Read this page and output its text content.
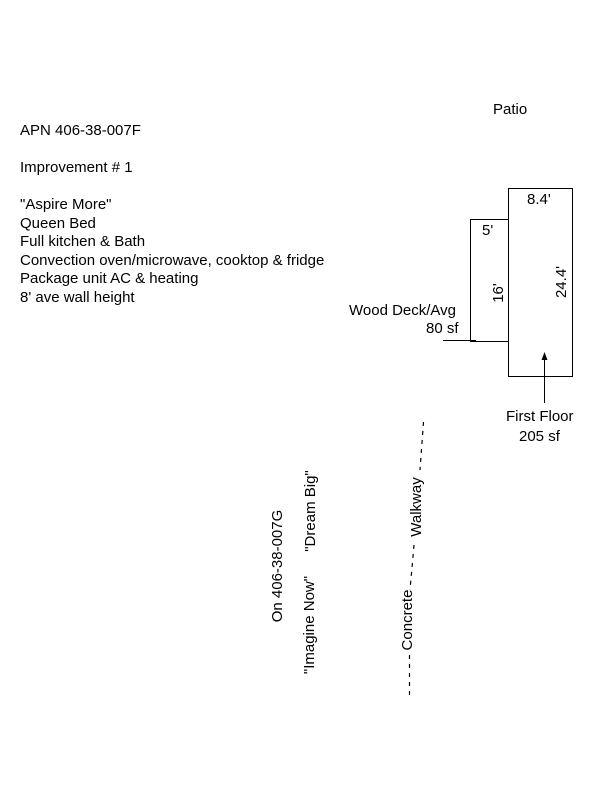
Patio
APN 406-38-007F
Improvement # 1
"Aspire More"
Queen Bed
Full kitchen & Bath
Convection oven/microwave, cooktop & fridge
Package unit AC & heating
8' ave wall height
8.4'
5'
16'	24.4'
Wood Deck/Avg
80 sf
First Floor
205 sf
On 406-38-007G
"Imagine Now"
"Dream Big"	Walkway
Concrete
